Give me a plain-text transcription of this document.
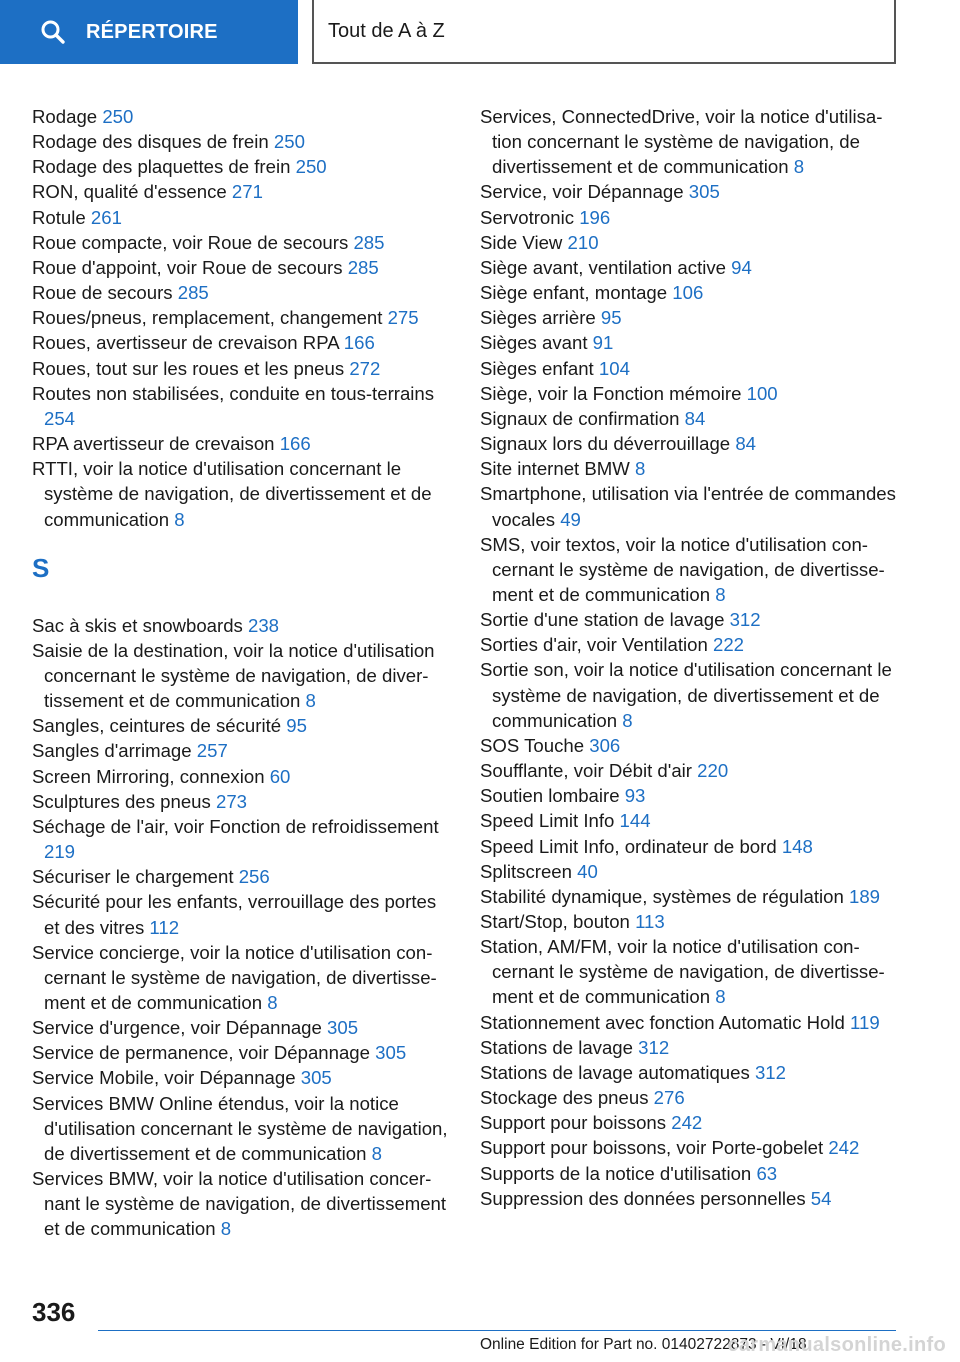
RÉPERTOIRE	Tout de A à Z
Rodage 250
Rodage des disques de frein 250
Rodage des plaquettes de frein 250
RON, qualité d'essence 271
Rotule 261
Roue compacte, voir Roue de secours 285
Roue d'appoint, voir Roue de secours 285
Roue de secours 285
Roues/pneus, remplacement, changement 275
Roues, avertisseur de crevaison RPA 166
Roues, tout sur les roues et les pneus 272
Routes non stabilisées, conduite en tous-terrains 254
RPA avertisseur de crevaison 166
RTTI, voir la notice d'utilisation concernant le système de navigation, de divertissement et de communication 8
S
Sac à skis et snowboards 238
Saisie de la destination, voir la notice d'utilisation concernant le système de navigation, de divertissement et de communication 8
Sangles, ceintures de sécurité 95
Sangles d'arrimage 257
Screen Mirroring, connexion 60
Sculptures des pneus 273
Séchage de l'air, voir Fonction de refroidissement 219
Sécuriser le chargement 256
Sécurité pour les enfants, verrouillage des portes et des vitres 112
Service concierge, voir la notice d'utilisation concernant le système de navigation, de divertissement et de communication 8
Service d'urgence, voir Dépannage 305
Service de permanence, voir Dépannage 305
Service Mobile, voir Dépannage 305
Services BMW Online étendus, voir la notice d'utilisation concernant le système de navigation, de divertissement et de communication 8
Services BMW, voir la notice d'utilisation concernant le système de navigation, de divertissement et de communication 8
Services, ConnectedDrive, voir la notice d'utilisation concernant le système de navigation, de divertissement et de communication 8
Service, voir Dépannage 305
Servotronic 196
Side View 210
Siège avant, ventilation active 94
Siège enfant, montage 106
Sièges arrière 95
Sièges avant 91
Sièges enfant 104
Siège, voir la Fonction mémoire 100
Signaux de confirmation 84
Signaux lors du déverrouillage 84
Site internet BMW 8
Smartphone, utilisation via l'entrée de commandes vocales 49
SMS, voir textos, voir la notice d'utilisation concernant le système de navigation, de divertissement et de communication 8
Sortie d'une station de lavage 312
Sorties d'air, voir Ventilation 222
Sortie son, voir la notice d'utilisation concernant le système de navigation, de divertissement et de communication 8
SOS Touche 306
Soufflante, voir Débit d'air 220
Soutien lombaire 93
Speed Limit Info 144
Speed Limit Info, ordinateur de bord 148
Splitscreen 40
Stabilité dynamique, systèmes de régulation 189
Start/Stop, bouton 113
Station, AM/FM, voir la notice d'utilisation concernant le système de navigation, de divertissement et de communication 8
Stationnement avec fonction Automatic Hold 119
Stations de lavage 312
Stations de lavage automatiques 312
Stockage des pneus 276
Support pour boissons 242
Support pour boissons, voir Porte-gobelet 242
Supports de la notice d'utilisation 63
Suppression des données personnelles 54
336
Online Edition for Part no. 01402722873 - VI/18
carmanualsonline.info
